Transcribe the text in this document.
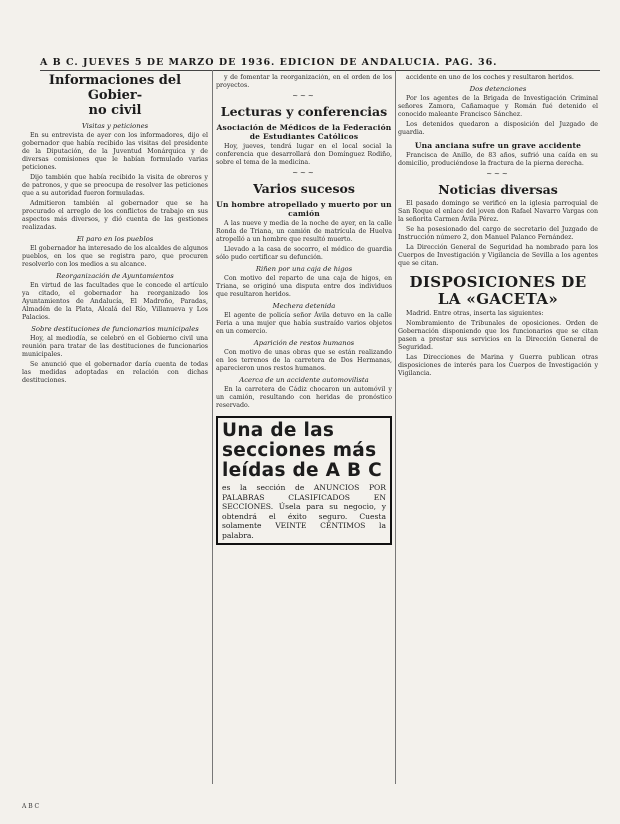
A B C. JUEVES 5 DE MARZO DE 1936. EDICION DE ANDALUCIA. PAG. 36.
Informaciones del Gobier-
no civil
Visitas y peticiones

En su entrevista de ayer con los informadores, dijo el gobernador que había recibido las visitas del presidente de la Diputación, de la Juventud Monárquica y de diversas comisiones que le habían formulado varias peticiones.

Dijo también que había recibido la visita de obreros y de patronos, y que se preocupa de resolver las peticiones que a su autoridad fueron formuladas.

Admitieron también al gobernador que se ha procurado el arreglo de los conflictos de trabajo en sus aspectos más diversos, y dió cuenta de las gestiones realizadas.

El paro en los pueblos

El gobernador ha interesado de los alcaldes de algunos pueblos, en los que se registra paro, que procuren resolverlo con los medios a su alcance.

Reorganización de Ayuntamientos

En virtud de las facultades que le concede el artículo ya citado, el gobernador ha reorganizado los Ayuntamientos de Andalucía, El Madroño, Paradas, Almadén de la Plata, Alcalá del Río, Villanueva y Los Palacios.

Sobre destituciones de funcionarios municipales

Hoy, al mediodía, se celebró en el Gobierno civil una reunión para tratar de las destituciones de funcionarios municipales.

Se anunció que el gobernador daría cuenta de todas las medidas adoptadas en relación con dichas destituciones.

y de fomentar la reorganización, en el orden de los proyectos.

~~~
Lecturas y conferencias
Asociación de Médicos de la Federación de Estudiantes Católicos

Hoy, jueves, tendrá lugar en el local social la conferencia que desarrollará don Domínguez Rodiño, sobre el tema de la medicina.

~~~
Varios sucesos
Un hombre atropellado y muerto por un camión

A las nueve y media de la noche de ayer, en la calle Ronda de Triana, un camión de matrícula de Huelva atropelló a un hombre que resultó muerto.

Llevado a la casa de socorro, el médico de guardia sólo pudo certificar su defunción.

Riñen por una caja de higos

Con motivo del reparto de una caja de higos, en Triana, se originó una disputa entre dos individuos que resultaron heridos.

Mechera detenida

El agente de policía señor Ávila detuvo en la calle Feria a una mujer que había sustraído varios objetos en un comercio.

Aparición de restos humanos

Con motivo de unas obras que se están realizando en los terrenos de la carretera de Dos Hermanas, aparecieron unos restos humanos.

Acerca de un accidente automovilista

En la carretera de Cádiz chocaron un automóvil y un camión, resultando con heridas de pronóstico reservado.

Una de las secciones más leídas de A B C

es la sección de ANUNCIOS POR PALABRAS CLASIFICADOS EN SECCIONES. Úsela para su negocio, y obtendrá el éxito seguro. Cuesta solamente VEINTE CÉNTIMOS la palabra.

accidente en uno de los coches y resultaron heridos.

Dos detenciones

Por los agentes de la Brigada de Investigación Criminal señores Zamora, Cañamaque y Román fué detenido el conocido maleante Francisco Sánchez.

Los detenidos quedaron a disposición del Juzgado de guardia.

Una anciana sufre un grave accidente

Francisca de Anillo, de 83 años, sufrió una caída en su domicilio, produciéndose la fractura de la pierna derecha.

~~~
Noticias diversas

El pasado domingo se verificó en la iglesia parroquial de San Roque el enlace del joven don Rafael Navarro Vargas con la señorita Carmen Ávila Pérez.

Se ha posesionado del cargo de secretario del Juzgado de Instrucción número 2, don Manuel Palanco Fernández.

La Dirección General de Seguridad ha nombrado para los Cuerpos de Investigación y Vigilancia de Sevilla a los agentes que se citan.

DISPOSICIONES DE LA «GACETA»

Madrid. Entre otras, inserta las siguientes:

Nombramiento de Tribunales de oposiciones. Orden de Gobernación disponiendo que los funcionarios que se citan pasen a prestar sus servicios en la Dirección General de Seguridad.

Las Direcciones de Marina y Guerra publican otras disposiciones de interés para los Cuerpos de Investigación y Vigilancia.

A B C
